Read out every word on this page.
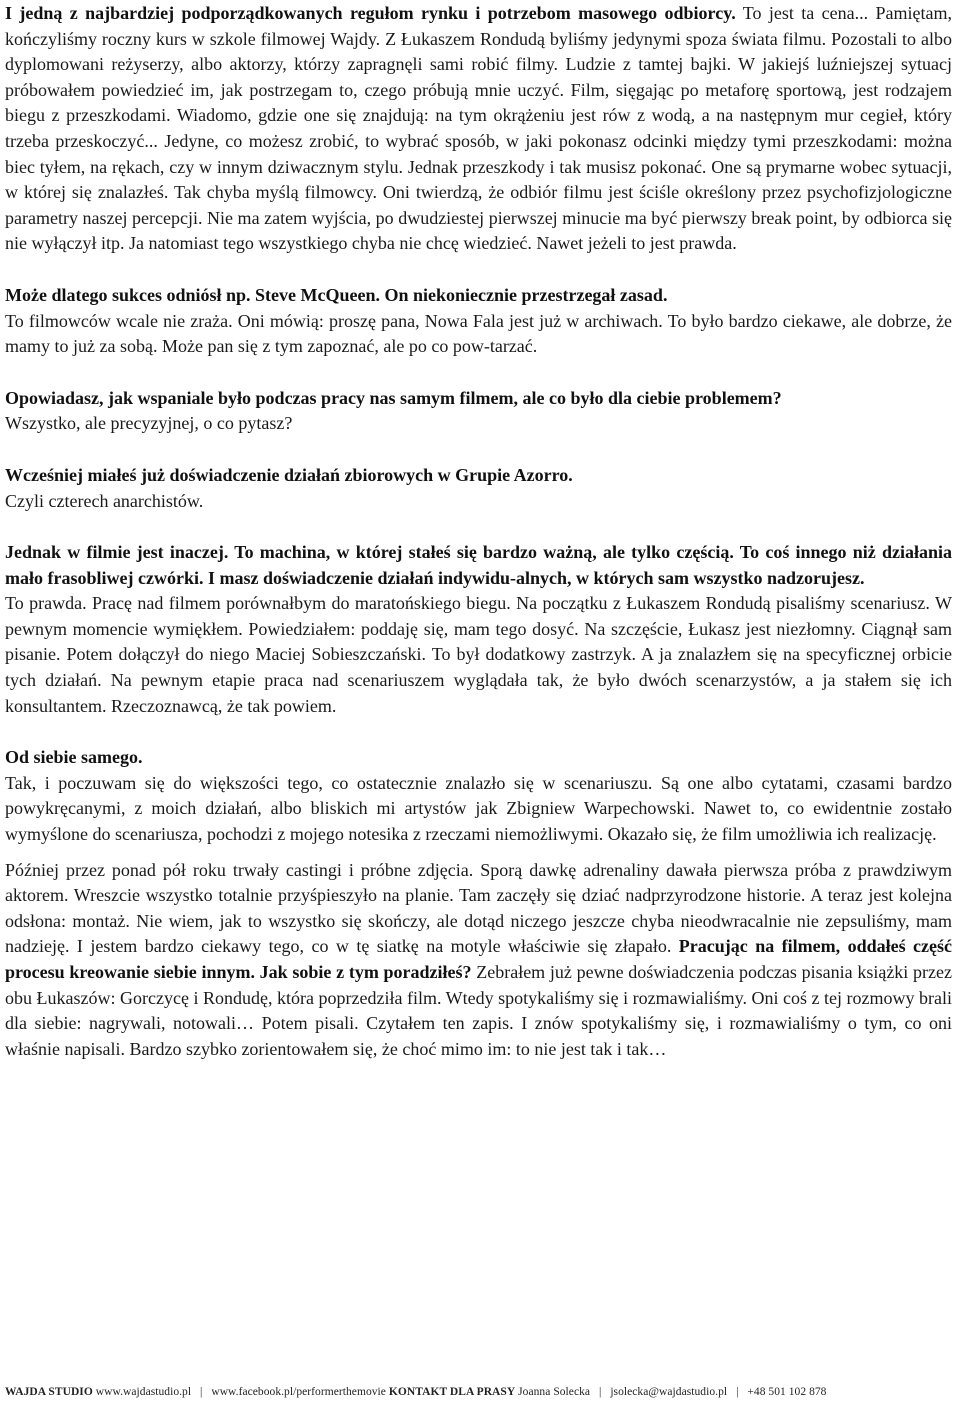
I jedną z najbardziej podporządkowanych regułom rynku i potrzebom masowego odbiorcy. To jest ta cena... Pamiętam, kończyliśmy roczny kurs w szkole filmowej Wajdy. Z Łukaszem Rondudą byliśmy jedynymi spoza świata filmu. Pozostali to albo dyplomowani reżyserzy, albo aktorzy, którzy zapragnęli sami robić filmy. Ludzie z tamtej bajki. W jakiejś luźniejszej sytuacj próbowałem powiedzieć im, jak postrzegam to, czego próbują mnie uczyć. Film, sięgając po metaforę sportową, jest rodzajem biegu z przeszkodami. Wiadomo, gdzie one się znajdują: na tym okrążeniu jest rów z wodą, a na następnym mur cegieł, który trzeba przeskoczyć... Jedyne, co możesz zrobić, to wybrać sposób, w jaki pokonasz odcinki między tymi przeszkodami: można biec tyłem, na rękach, czy w innym dziwacznym stylu. Jednak przeszkody i tak musisz pokonać. One są prymarne wobec sytuacji, w której się znalazłeś. Tak chyba myślą filmowcy. Oni twierdzą, że odbiór filmu jest ściśle określony przez psychofizjologiczne parametry naszej percepcji. Nie ma zatem wyjścia, po dwudziestej pierwszej minucie ma być pierwszy break point, by odbiorca się nie wyłączył itp. Ja natomiast tego wszystkiego chyba nie chcę wiedzieć. Nawet jeżeli to jest prawda.

Może dlatego sukces odniósł np. Steve McQueen. On niekoniecznie przestrzegał zasad.
To filmowców wcale nie zraża. Oni mówią: proszę pana, Nowa Fala jest już w archiwach. To było bardzo ciekawe, ale dobrze, że mamy to już za sobą. Może pan się z tym zapoznać, ale po co pow-tarzać.

Opowiadasz, jak wspaniale było podczas pracy nas samym filmem, ale co było dla ciebie problemem?
Wszystko, ale precyzyjnej, o co pytasz?

Wcześniej miałeś już doświadczenie działań zbiorowych w Grupie Azorro.
Czyli czterech anarchistów.

Jednak w filmie jest inaczej. To machina, w której stałeś się bardzo ważną, ale tylko częścią. To coś innego niż działania mało frasobliwej czwórki. I masz doświadczenie działań indywidu-alnych, w których sam wszystko nadzorujesz.
To prawda. Pracę nad filmem porównałbym do maratońskiego biegu. Na początku z Łukaszem Rondudą pisaliśmy scenariusz. W pewnym momencie wymiękłem. Powiedziałem: poddaję się, mam tego dosyć. Na szczęście, Łukasz jest niezłomny. Ciągnął sam pisanie. Potem dołączył do niego Maciej Sobieszczański. To był dodatkowy zastrzyk. A ja znalazłem się na specyficznej orbicie tych działań. Na pewnym etapie praca nad scenariuszem wyglądała tak, że było dwóch scenarzystów, a ja stałem się ich konsultantem. Rzeczoznawcą, że tak powiem.

Od siebie samego.
Tak, i poczuwam się do większości tego, co ostatecznie znalazło się w scenariuszu. Są one albo cytatami, czasami bardzo powykręcanymi, z moich działań, albo bliskich mi artystów jak Zbigniew Warpechowski. Nawet to, co ewidentnie zostało wymyślone do scenariusza, pochodzi z mojego notesika z rzeczami niemożliwymi. Okazało się, że film umożliwia ich realizację.

Później przez ponad pół roku trwały castingi i próbne zdjęcia. Sporą dawkę adrenaliny dawała pierwsza próba z prawdziwym aktorem. Wreszcie wszystko totalnie przyśpieszyło na planie. Tam zaczęły się dziać nadprzyrodzone historie. A teraz jest kolejna odsłona: montaż. Nie wiem, jak to wszystko się skończy, ale dotąd niczego jeszcze chyba nieodwracalnie nie zepsuliśmy, mam nadzieję. I jestem bardzo ciekawy tego, co w tę siatkę na motyle właściwie się złapało. Pracując na filmem, oddałeś część procesu kreowanie siebie innym. Jak sobie z tym poradziłeś? Zebrałem już pewne doświadczenia podczas pisania książki przez obu Łukaszów: Gorczycę i Rondudę, która poprzedziła film. Wtedy spotykaliśmy się i rozmawialiśmy. Oni coś z tej rozmowy brali dla siebie: nagrywali, notowali… Potem pisali. Czytałem ten zapis. I znów spotykaliśmy się, i rozmawialiśmy o tym, co oni właśnie napisali. Bardzo szybko zorientowałem się, że choć mimo im: to nie jest tak i tak…

WAJDA STUDIO www.wajdastudio.pl | www.facebook.pl/performerthemovie KONTAKT DLA PRASY Joanna Solecka | jsolecka@wajdastudio.pl | +48 501 102 878
